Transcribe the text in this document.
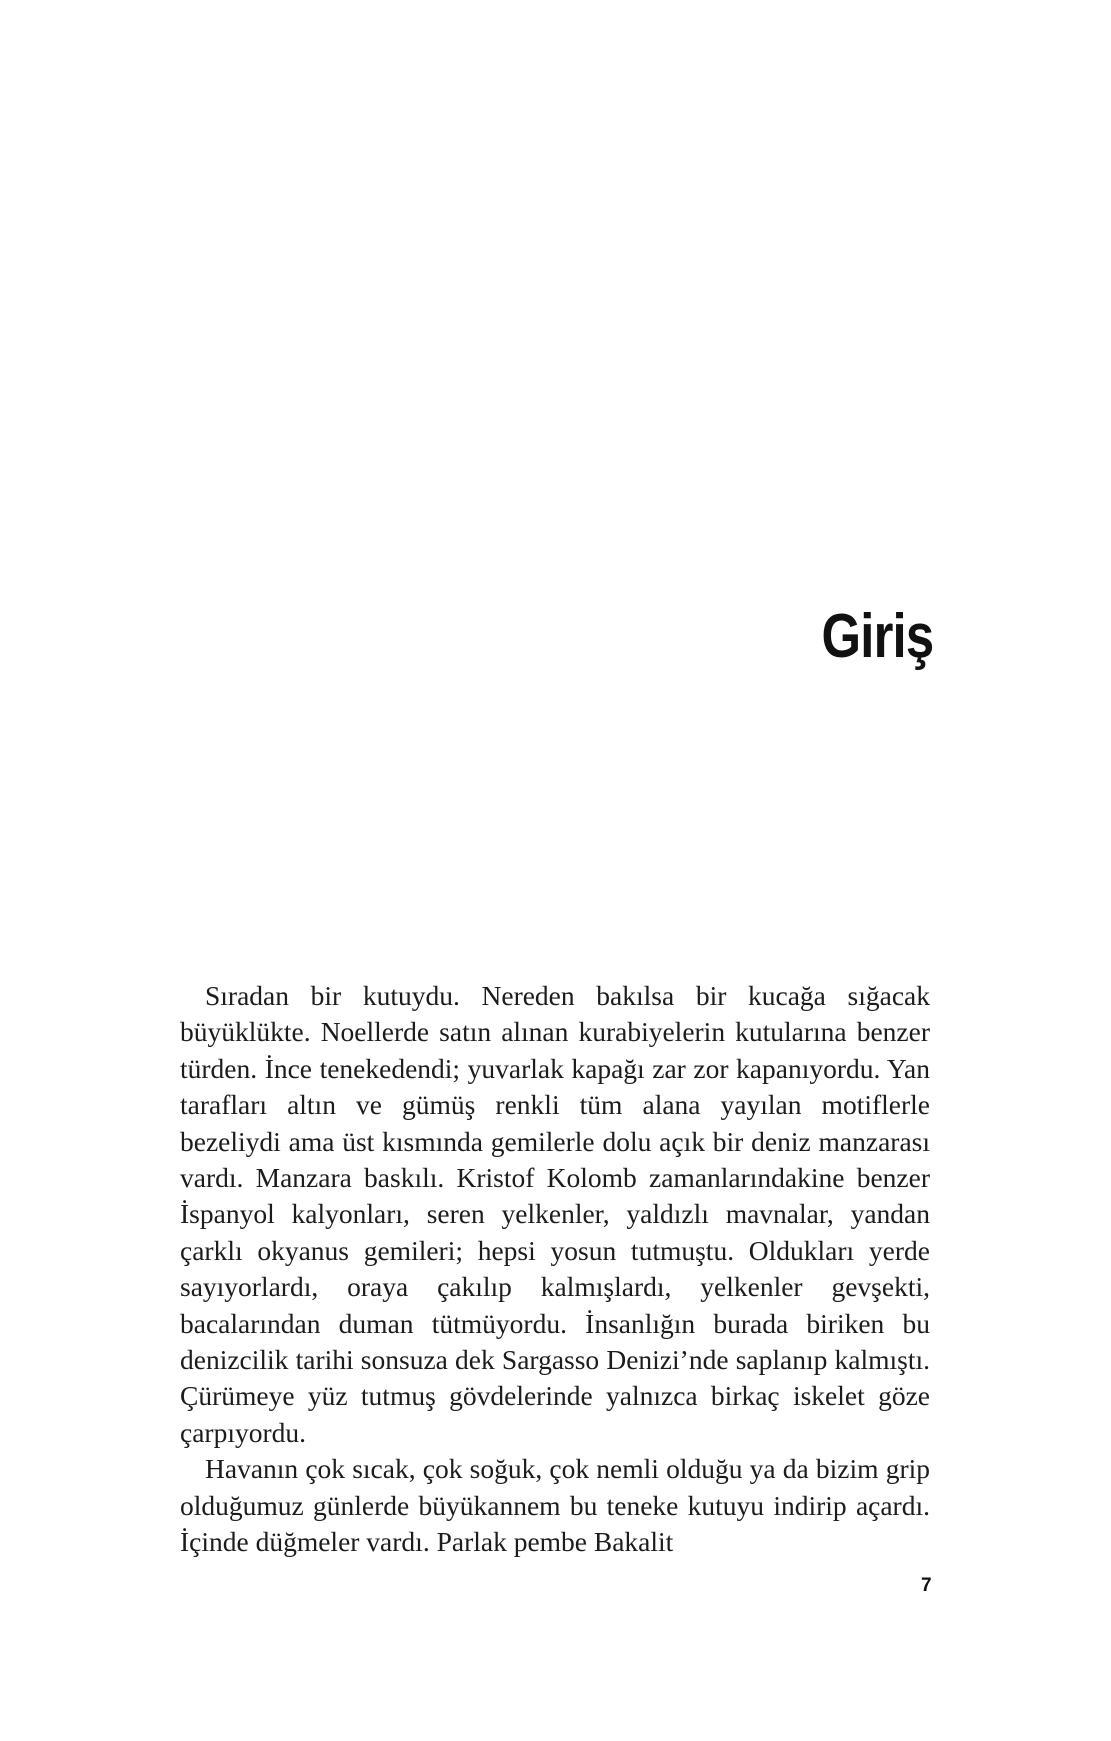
Giriş

Sıradan bir kutuydu. Nereden bakılsa bir kucağa sığacak büyüklükte. Noellerde satın alınan kurabiyelerin kutularına benzer türden. İnce tenekedendi; yuvarlak kapağı zar zor kapanıyordu. Yan tarafları altın ve gümüş renkli tüm alana yayılan motiflerle bezeliydi ama üst kısmında gemilerle dolu açık bir deniz manzarası vardı. Manzara baskılı. Kristof Kolomb zamanlarındakine benzer İspanyol kalyonları, seren yelkenler, yaldızlı mavnalar, yandan çarklı okyanus gemileri; hepsi yosun tutmuştu. Oldukları yerde sayıyorlardı, oraya çakılıp kalmışlardı, yelkenler gevşekti, bacalarından duman tütmüyordu. İnsanlığın burada biriken bu denizcilik tarihi sonsuza dek Sargasso Denizi’nde saplanıp kalmıştı. Çürümeye yüz tutmuş gövdelerinde yalnızca birkaç iskelet göze çarpıyordu.

Havanın çok sıcak, çok soğuk, çok nemli olduğu ya da bizim grip olduğumuz günlerde büyükannem bu teneke kutuyu indirip açardı. İçinde düğmeler vardı. Parlak pembe Bakalit

7
